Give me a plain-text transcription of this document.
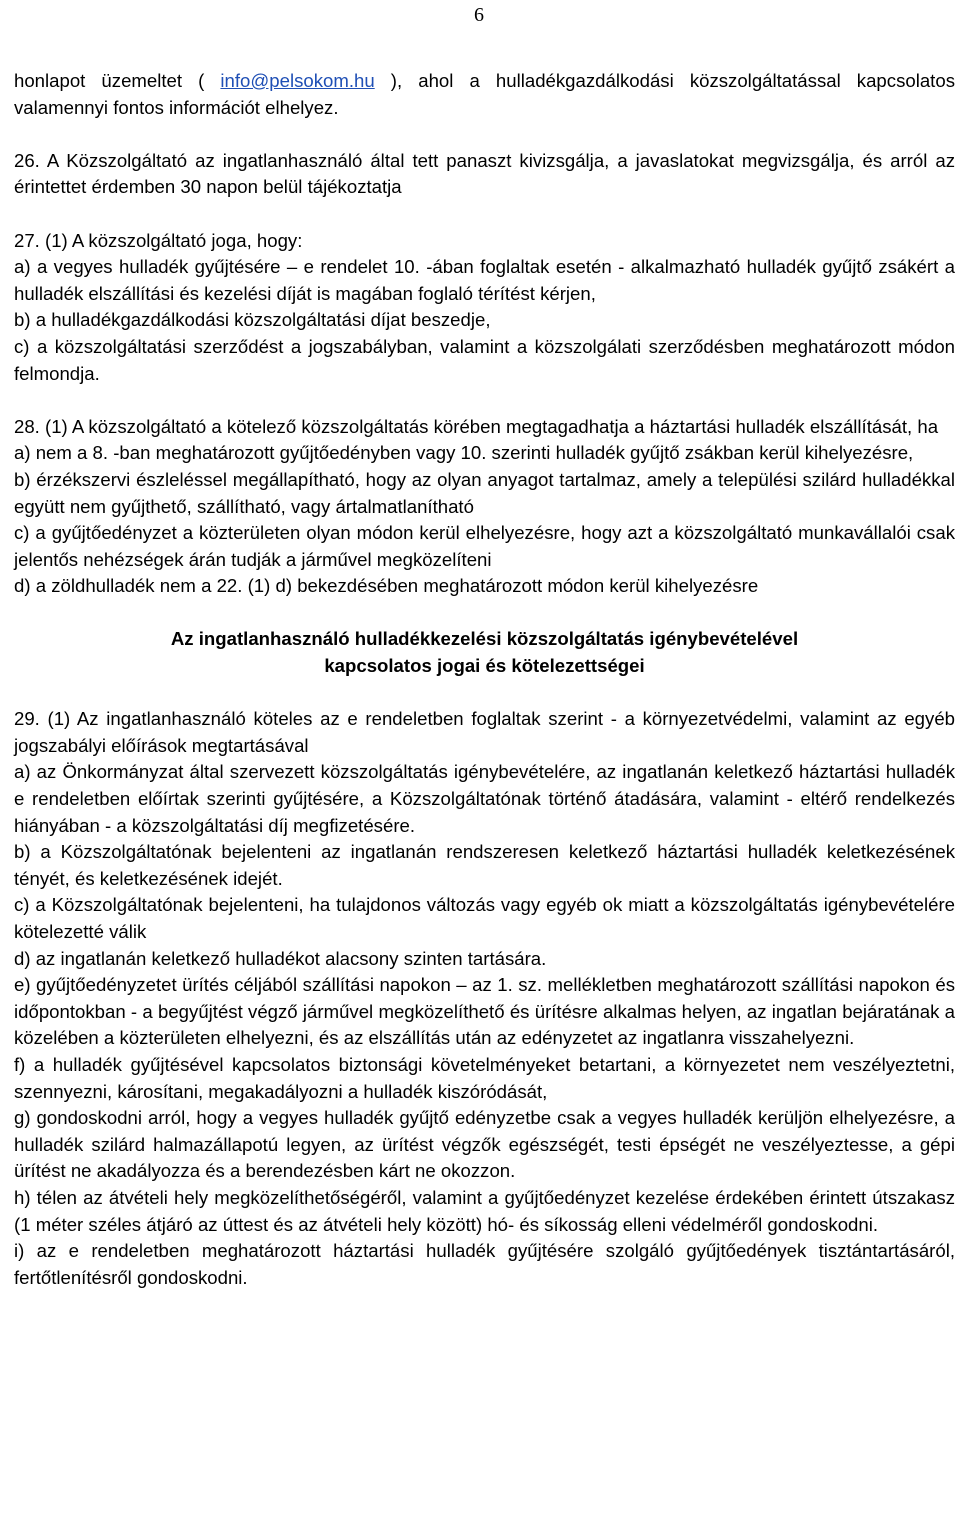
6

honlapot üzemeltet ( info@pelsokom.hu ), ahol a hulladékgazdálkodási közszolgáltatással kapcsolatos valamennyi fontos információt elhelyez.

26. A Közszolgáltató az ingatlanhasználó által tett panaszt kivizsgálja, a javaslatokat megvizsgálja, és arról az érintettet érdemben 30 napon belül tájékoztatja

27. (1) A közszolgáltató joga, hogy:

a) a vegyes hulladék gyűjtésére – e rendelet 10. -ában foglaltak esetén - alkalmazható hulladék gyűjtő zsákért a hulladék elszállítási és kezelési díját is magában foglaló térítést kérjen,

b) a hulladékgazdálkodási közszolgáltatási díjat beszedje,

c) a közszolgáltatási szerződést a jogszabályban, valamint a közszolgálati szerződésben meghatározott módon felmondja.

28. (1) A közszolgáltató a kötelező közszolgáltatás körében megtagadhatja a háztartási hulladék elszállítását, ha

a) nem a 8. -ban meghatározott gyűjtőedényben vagy 10. szerinti hulladék gyűjtő zsákban kerül kihelyezésre,

b) érzékszervi észleléssel megállapítható, hogy az olyan anyagot tartalmaz, amely a települési szilárd hulladékkal együtt nem gyűjthető, szállítható, vagy ártalmatlanítható

c) a gyűjtőedényzet a közterületen olyan módon kerül elhelyezésre, hogy azt a közszolgáltató munkavállalói csak jelentős nehézségek árán tudják a járművel megközelíteni

d) a zöldhulladék nem a 22. (1) d) bekezdésében meghatározott módon kerül kihelyezésre

Az ingatlanhasználó hulladékkezelési közszolgáltatás igénybevételével

kapcsolatos jogai és kötelezettségei

29. (1) Az ingatlanhasználó köteles az e rendeletben foglaltak szerint - a környezetvédelmi, valamint az egyéb jogszabályi előírások megtartásával

a) az Önkormányzat által szervezett közszolgáltatás igénybevételére, az ingatlanán keletkező háztartási hulladék e rendeletben előírtak szerinti gyűjtésére, a Közszolgáltatónak történő átadására, valamint - eltérő rendelkezés hiányában - a közszolgáltatási díj megfizetésére.

b) a Közszolgáltatónak bejelenteni az ingatlanán rendszeresen keletkező háztartási hulladék keletkezésének tényét, és keletkezésének idejét.

c) a Közszolgáltatónak bejelenteni, ha tulajdonos változás vagy egyéb ok miatt a közszolgáltatás igénybevételére kötelezetté válik

d) az ingatlanán keletkező hulladékot alacsony szinten tartására.

e) gyűjtőedényzetet ürítés céljából szállítási napokon – az 1. sz. mellékletben meghatározott szállítási napokon és időpontokban - a begyűjtést végző járművel megközelíthető és ürítésre alkalmas helyen, az ingatlan bejáratának a közelében a közterületen elhelyezni, és az elszállítás után az edényzetet az ingatlanra visszahelyezni.

f) a hulladék gyűjtésével kapcsolatos biztonsági követelményeket betartani, a környezetet nem veszélyeztetni, szennyezni, károsítani, megakadályozni a hulladék kiszóródását,

g) gondoskodni arról, hogy a vegyes hulladék gyűjtő edényzetbe csak a vegyes hulladék kerüljön elhelyezésre, a hulladék szilárd halmazállapotú legyen, az ürítést végzők egészségét, testi épségét ne veszélyeztesse, a gépi ürítést ne akadályozza és a berendezésben kárt ne okozzon.

h) télen az átvételi hely megközelíthetőségéről, valamint a gyűjtőedényzet kezelése érdekében érintett útszakasz (1 méter széles átjáró az úttest és az átvételi hely között) hó- és síkosság elleni védelméről gondoskodni.

i) az e rendeletben meghatározott háztartási hulladék gyűjtésére szolgáló gyűjtőedények tisztántartásáról, fertőtlenítésről gondoskodni.
